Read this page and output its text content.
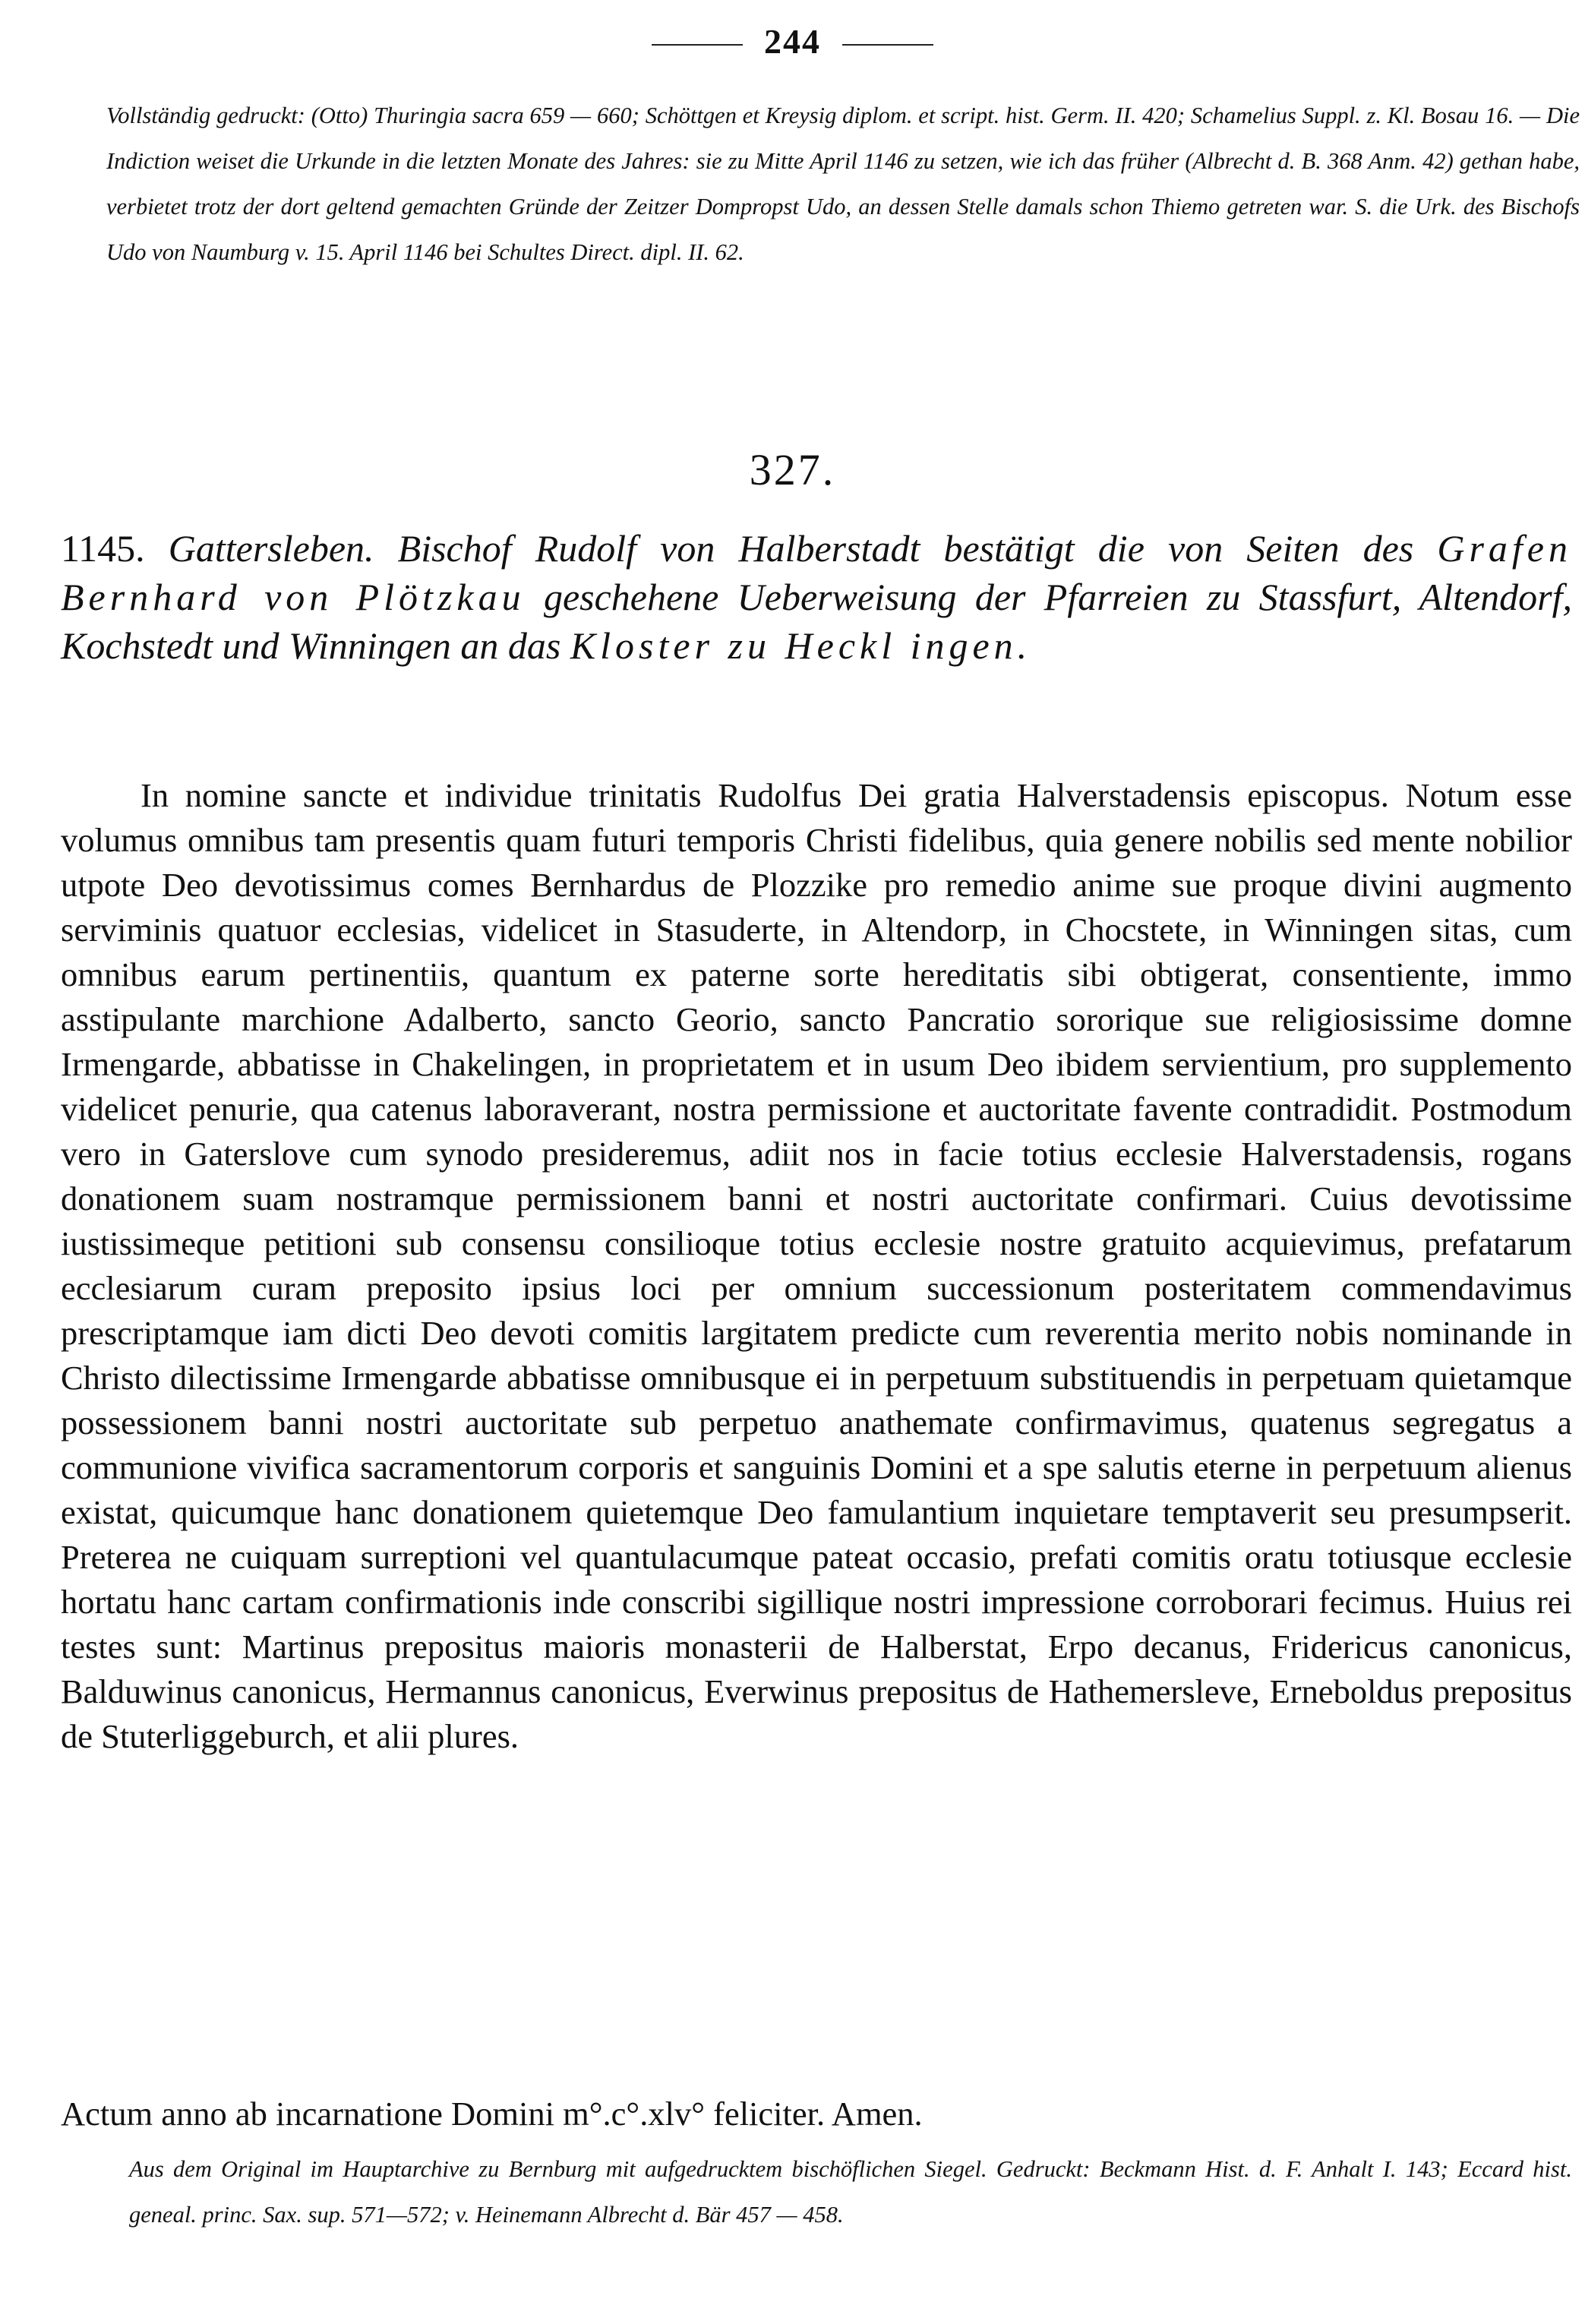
244
Vollständig gedruckt: (Otto) Thuringia sacra 659 — 660; Schöttgen et Kreysig diplom. et script. hist. Germ. II. 420; Schamelius Suppl. z. Kl. Bosau 16. — Die Indiction weiset die Urkunde in die letzten Monate des Jahres: sie zu Mitte April 1146 zu setzen, wie ich das früher (Albrecht d. B. 368 Anm. 42) gethan habe, verbietet trotz der dort geltend gemachten Gründe der Zeitzer Dompropst Udo, an dessen Stelle damals schon Thiemo getreten war. S. die Urk. des Bischofs Udo von Naumburg v. 15. April 1146 bei Schultes Direct. dipl. II. 62.
327.
1145. Gattersleben. Bischof Rudolf von Halberstadt bestätigt die von Seiten des Grafen Bernhard von Plötzkau geschehene Ueberweisung der Pfarreien zu Stassfurt, Altendorf, Kochstedt und Winningen an das Kloster zu Heckl ingen.
In nomine sancte et individue trinitatis Rudolfus Dei gratia Halverstadensis episcopus. Notum esse volumus omnibus tam presentis quam futuri temporis Christi fidelibus, quia genere nobilis sed mente nobilior utpote Deo devotissimus comes Bernhardus de Plozzike pro remedio anime sue proque divini augmento serviminis quatuor ecclesias, videlicet in Stasuderte, in Altendorp, in Chocstete, in Winningen sitas, cum omnibus earum pertinentiis, quantum ex paterne sorte hereditatis sibi obtigerat, consentiente, immo asstipulante marchione Adalberto, sancto Georio, sancto Pancratio sororique sue religiosissime domne Irmengarde, abbatisse in Chakelingen, in proprietatem et in usum Deo ibidem servientium, pro supplemento videlicet penurie, qua catenus laboraverant, nostra permissione et auctoritate favente contradidit. Postmodum vero in Gaterslove cum synodo presideremus, adiit nos in facie totius ecclesie Halverstadensis, rogans donationem suam nostramque permissionem banni et nostri auctoritate confirmari. Cuius devotissime iustissimeque petitioni sub consensu consilioque totius ecclesie nostre gratuito acquievimus, prefatarum ecclesiarum curam preposito ipsius loci per omnium successionum posteritatem commendavimus prescriptamque iam dicti Deo devoti comitis largitatem predicte cum reverentia merito nobis nominande in Christo dilectissime Irmengarde abbatisse omnibusque ei in perpetuum substituendis in perpetuam quietamque possessionem banni nostri auctoritate sub perpetuo anathemate confirmavimus, quatenus segregatus a communione vivifica sacramentorum corporis et sanguinis Domini et a spe salutis eterne in perpetuum alienus existat, quicumque hanc donationem quietemque Deo famulantium inquietare temptaverit seu presumpserit. Preterea ne cuiquam surreptioni vel quantulacumque pateat occasio, prefati comitis oratu totiusque ecclesie hortatu hanc cartam confirmationis inde conscribi sigillique nostri impressione corroborari fecimus. Huius rei testes sunt: Martinus prepositus maioris monasterii de Halberstat, Erpo decanus, Fridericus canonicus, Balduwinus canonicus, Hermannus canonicus, Everwinus prepositus de Hathemersleve, Erneboldus prepositus de Stuterliggeburch, et alii plures.
Actum anno ab incarnatione Domini m°.c°.xlv° feliciter. Amen.
Aus dem Original im Hauptarchive zu Bernburg mit aufgedrucktem bischöflichen Siegel. Gedruckt: Beckmann Hist. d. F. Anhalt I. 143; Eccard hist. geneal. princ. Sax. sup. 571—572; v. Heinemann Albrecht d. Bär 457 — 458.
